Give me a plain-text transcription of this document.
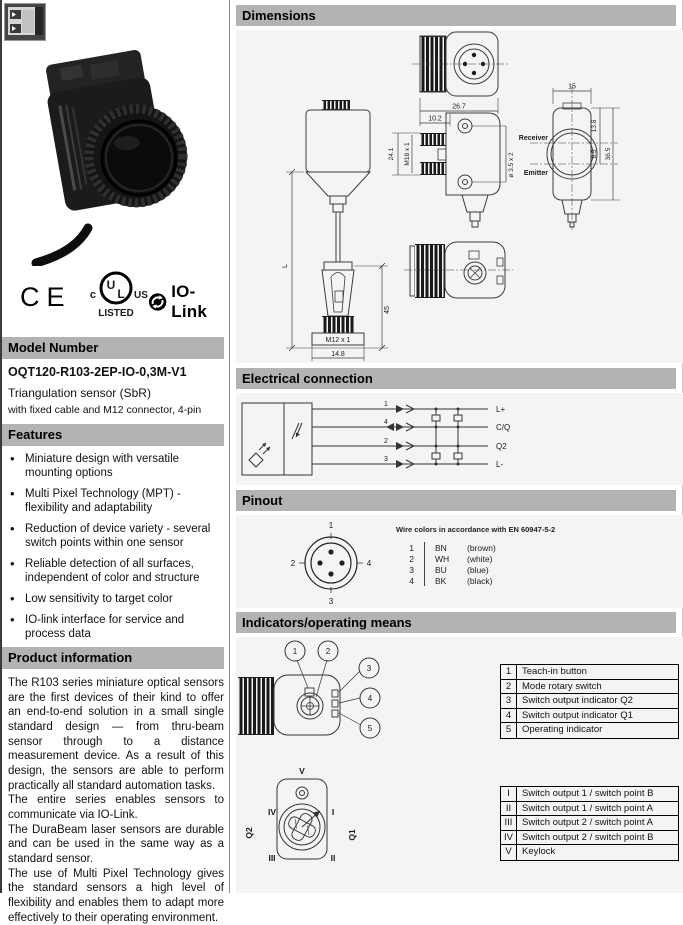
CE	U
L
c	US
LISTED
IO-Link
Model Number
OQT120-R103-2EP-IO-0,3M-V1
Triangulation sensor (SbR)
with fixed cable and M12 connector, 4-pin
Features
• Miniature design with versatile mounting options
• Multi Pixel Technology (MPT) - flexibility and adaptability
• Reduction of device variety - several switch points within one sensor
• Reliable detection of all surfaces, independent of color and structure
• Low sensitivity to target color
• IO-link interface for service and process data
Product information

The R103 series miniature optical sensors are the first devices of their kind to offer an end-to-end solution in a small single standard design — from thru-beam sensor through to a distance measurement device. As a result of this design, the sensors are able to perform practically all standard automation tasks.

The entire series enables sensors to communicate via IO-Link.

The DuraBeam laser sensors are durable and can be used in the same way as a standard sensor.

The use of Multi Pixel Technology gives the standard sensors a high level of flexibility and enables them to adapt more effectively to their operating environment.

Dimensions
M12 x 1
L
45
14.8
26.7
10.2
24.1 M18 x 1	ø 3.5 x 2
15
Receiver
Emitter
13.6
8.5 36.5
Electrical connection
1
4
2
3
L+
C/Q
Q2
L-
Pinout
1
2	4
3
Wire colors in accordance with EN 60947-5-2
1 BN	(brown)
2 WH	(white)
3 BU	(blue)
4 BK	(black)
Indicators/operating means
1	2
3
4
5
V
IV	I
Q2	Q1
III	II
1	Teach-in button
2	Mode rotary switch
3	Switch output indicator Q2
4	Switch output indicator Q1
5	Operating indicator
I	Switch output 1 / switch point B
II	Switch output 1 / switch point A
III	Switch output 2 / switch point A
IV Switch output 2 / switch point B
V	Keylock
